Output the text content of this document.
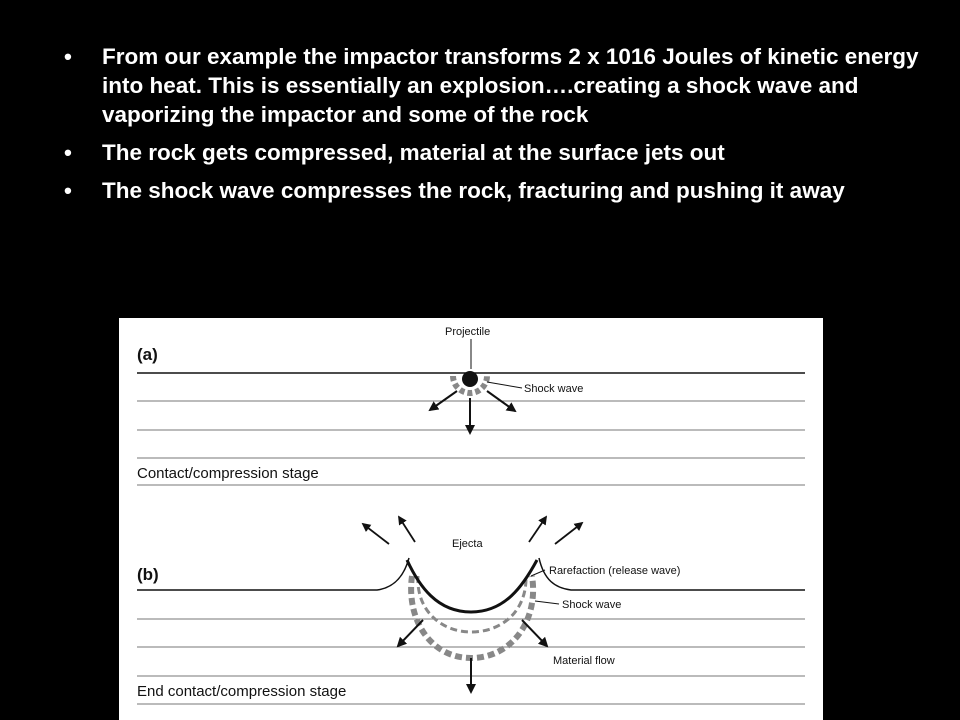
• From our example the impactor transforms 2 x 1016 Joules of kinetic energy into heat. This is essentially an explosion….creating a shock wave and vaporizing the impactor and some of the rock
• The rock gets compressed, material at the surface jets out
• The shock wave compresses the rock, fracturing and pushing it away
(a)
Projectile
Shock wave
Contact/compression stage
Ejecta
(b)	Rarefaction (release wave)
Shock wave
Material flow
End contact/compression stage
